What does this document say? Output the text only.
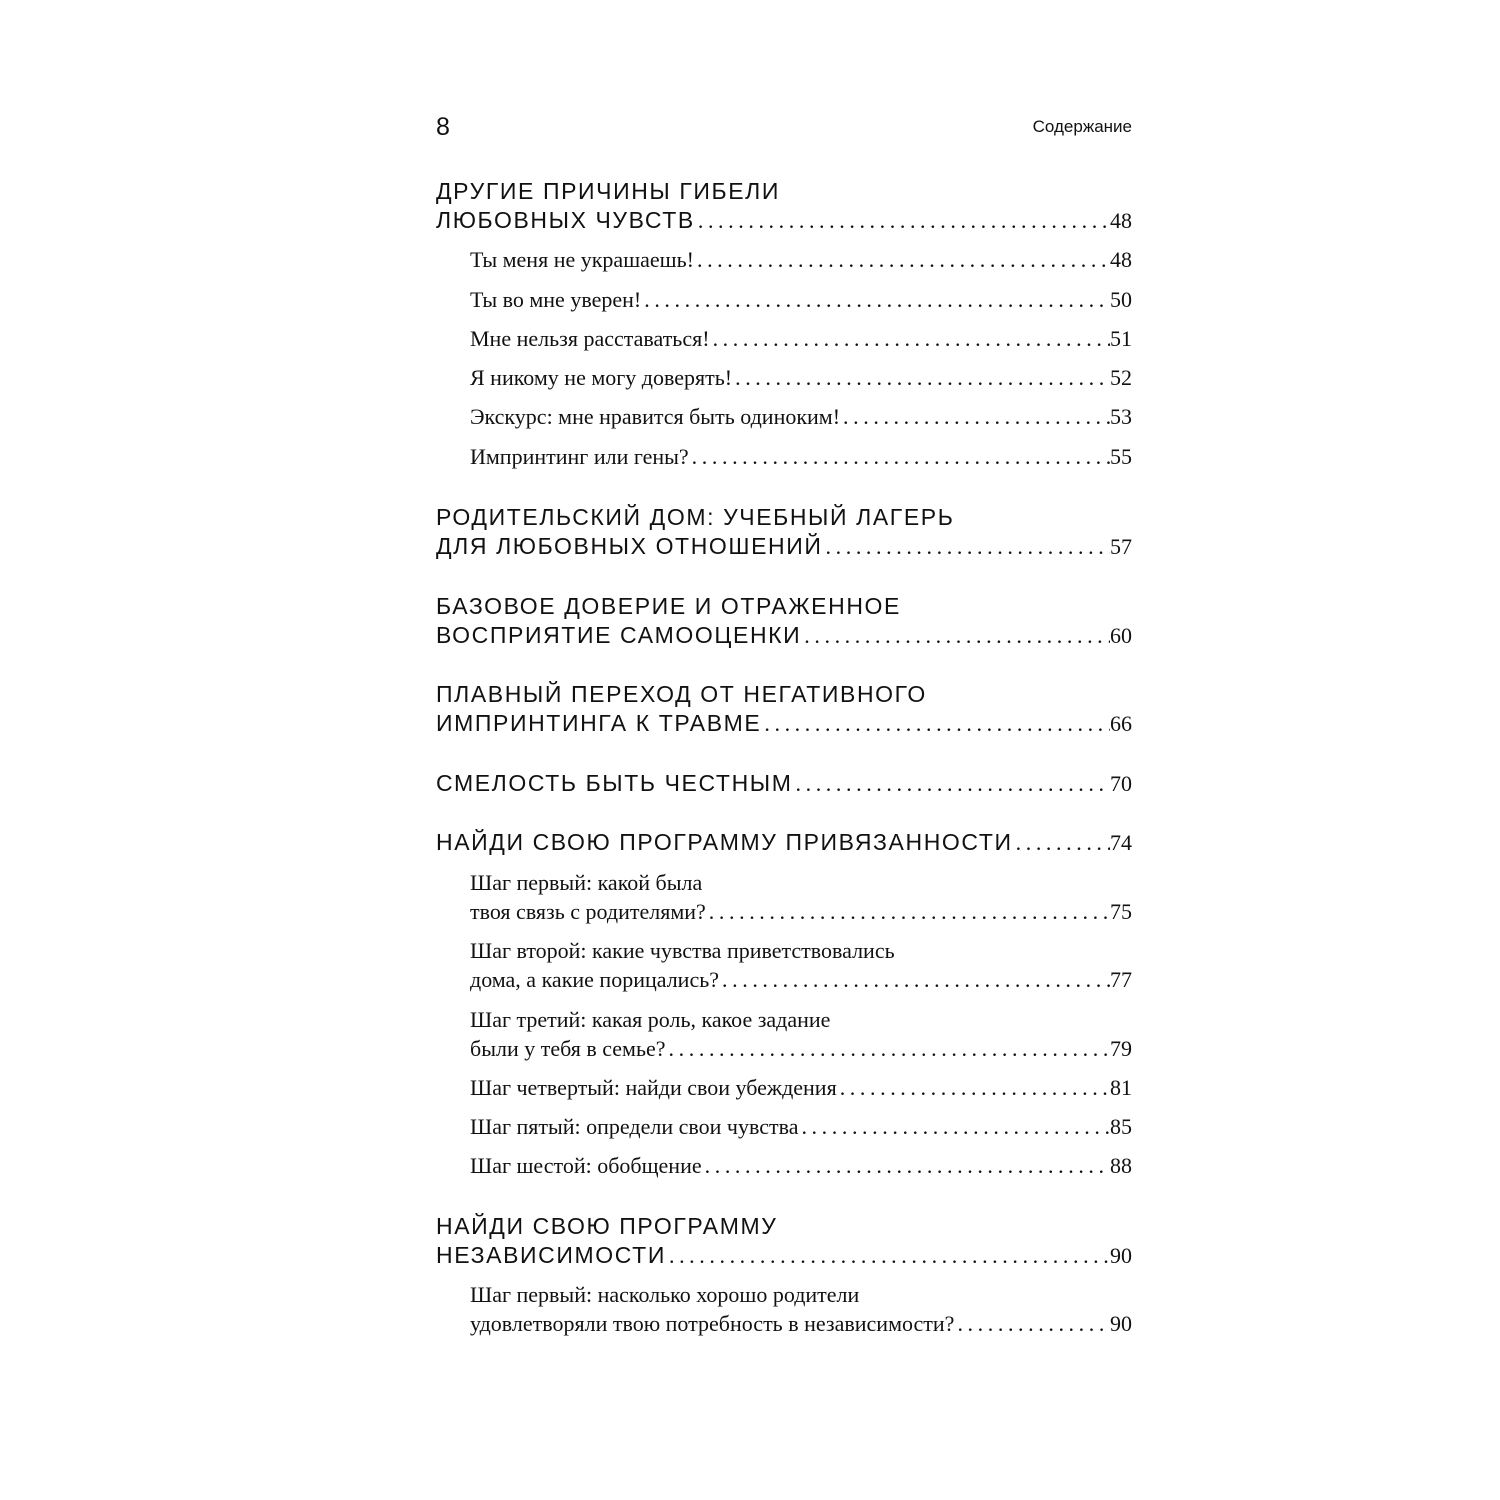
8	Содержание
ДРУГИЕ ПРИЧИНЫ ГИБЕЛИ
ЛЮБОВНЫХ ЧУВСТВ .....	48
Ты меня не украшаешь! .....	48
Ты во мне уверен! .....	50
Мне нельзя расставаться! .....	51
Я никому не могу доверять! .....	52
Экскурс: мне нравится быть одиноким! .....	53
Импринтинг или гены? .....	55
РОДИТЕЛЬСКИЙ ДОМ: УЧЕБНЫЙ ЛАГЕРЬ
ДЛЯ ЛЮБОВНЫХ ОТНОШЕНИЙ .....	57
БАЗОВОЕ ДОВЕРИЕ И ОТРАЖЕННОЕ
ВОСПРИЯТИЕ САМООЦЕНКИ .....	60
ПЛАВНЫЙ ПЕРЕХОД ОТ НЕГАТИВНОГО
ИМПРИНТИНГА К ТРАВМЕ .....	66
СМЕЛОСТЬ БЫТЬ ЧЕСТНЫМ .....	70
НАЙДИ СВОЮ ПРОГРАММУ ПРИВЯЗАННОСТИ .....	74
Шаг первый: какой была
твоя связь с родителями? .....	75
Шаг второй: какие чувства приветствовались
дома, а какие порицались? .....	77
Шаг третий: какая роль, какое задание
были у тебя в семье? .....	79
Шаг четвертый: найди свои убеждения .....	81
Шаг пятый: определи свои чувства .....	85
Шаг шестой: обобщение .....	88
НАЙДИ СВОЮ ПРОГРАММУ
НЕЗАВИСИМОСТИ .....	90
Шаг первый: насколько хорошо родители
удовлетворяли твою потребность в независимости? .....	90
